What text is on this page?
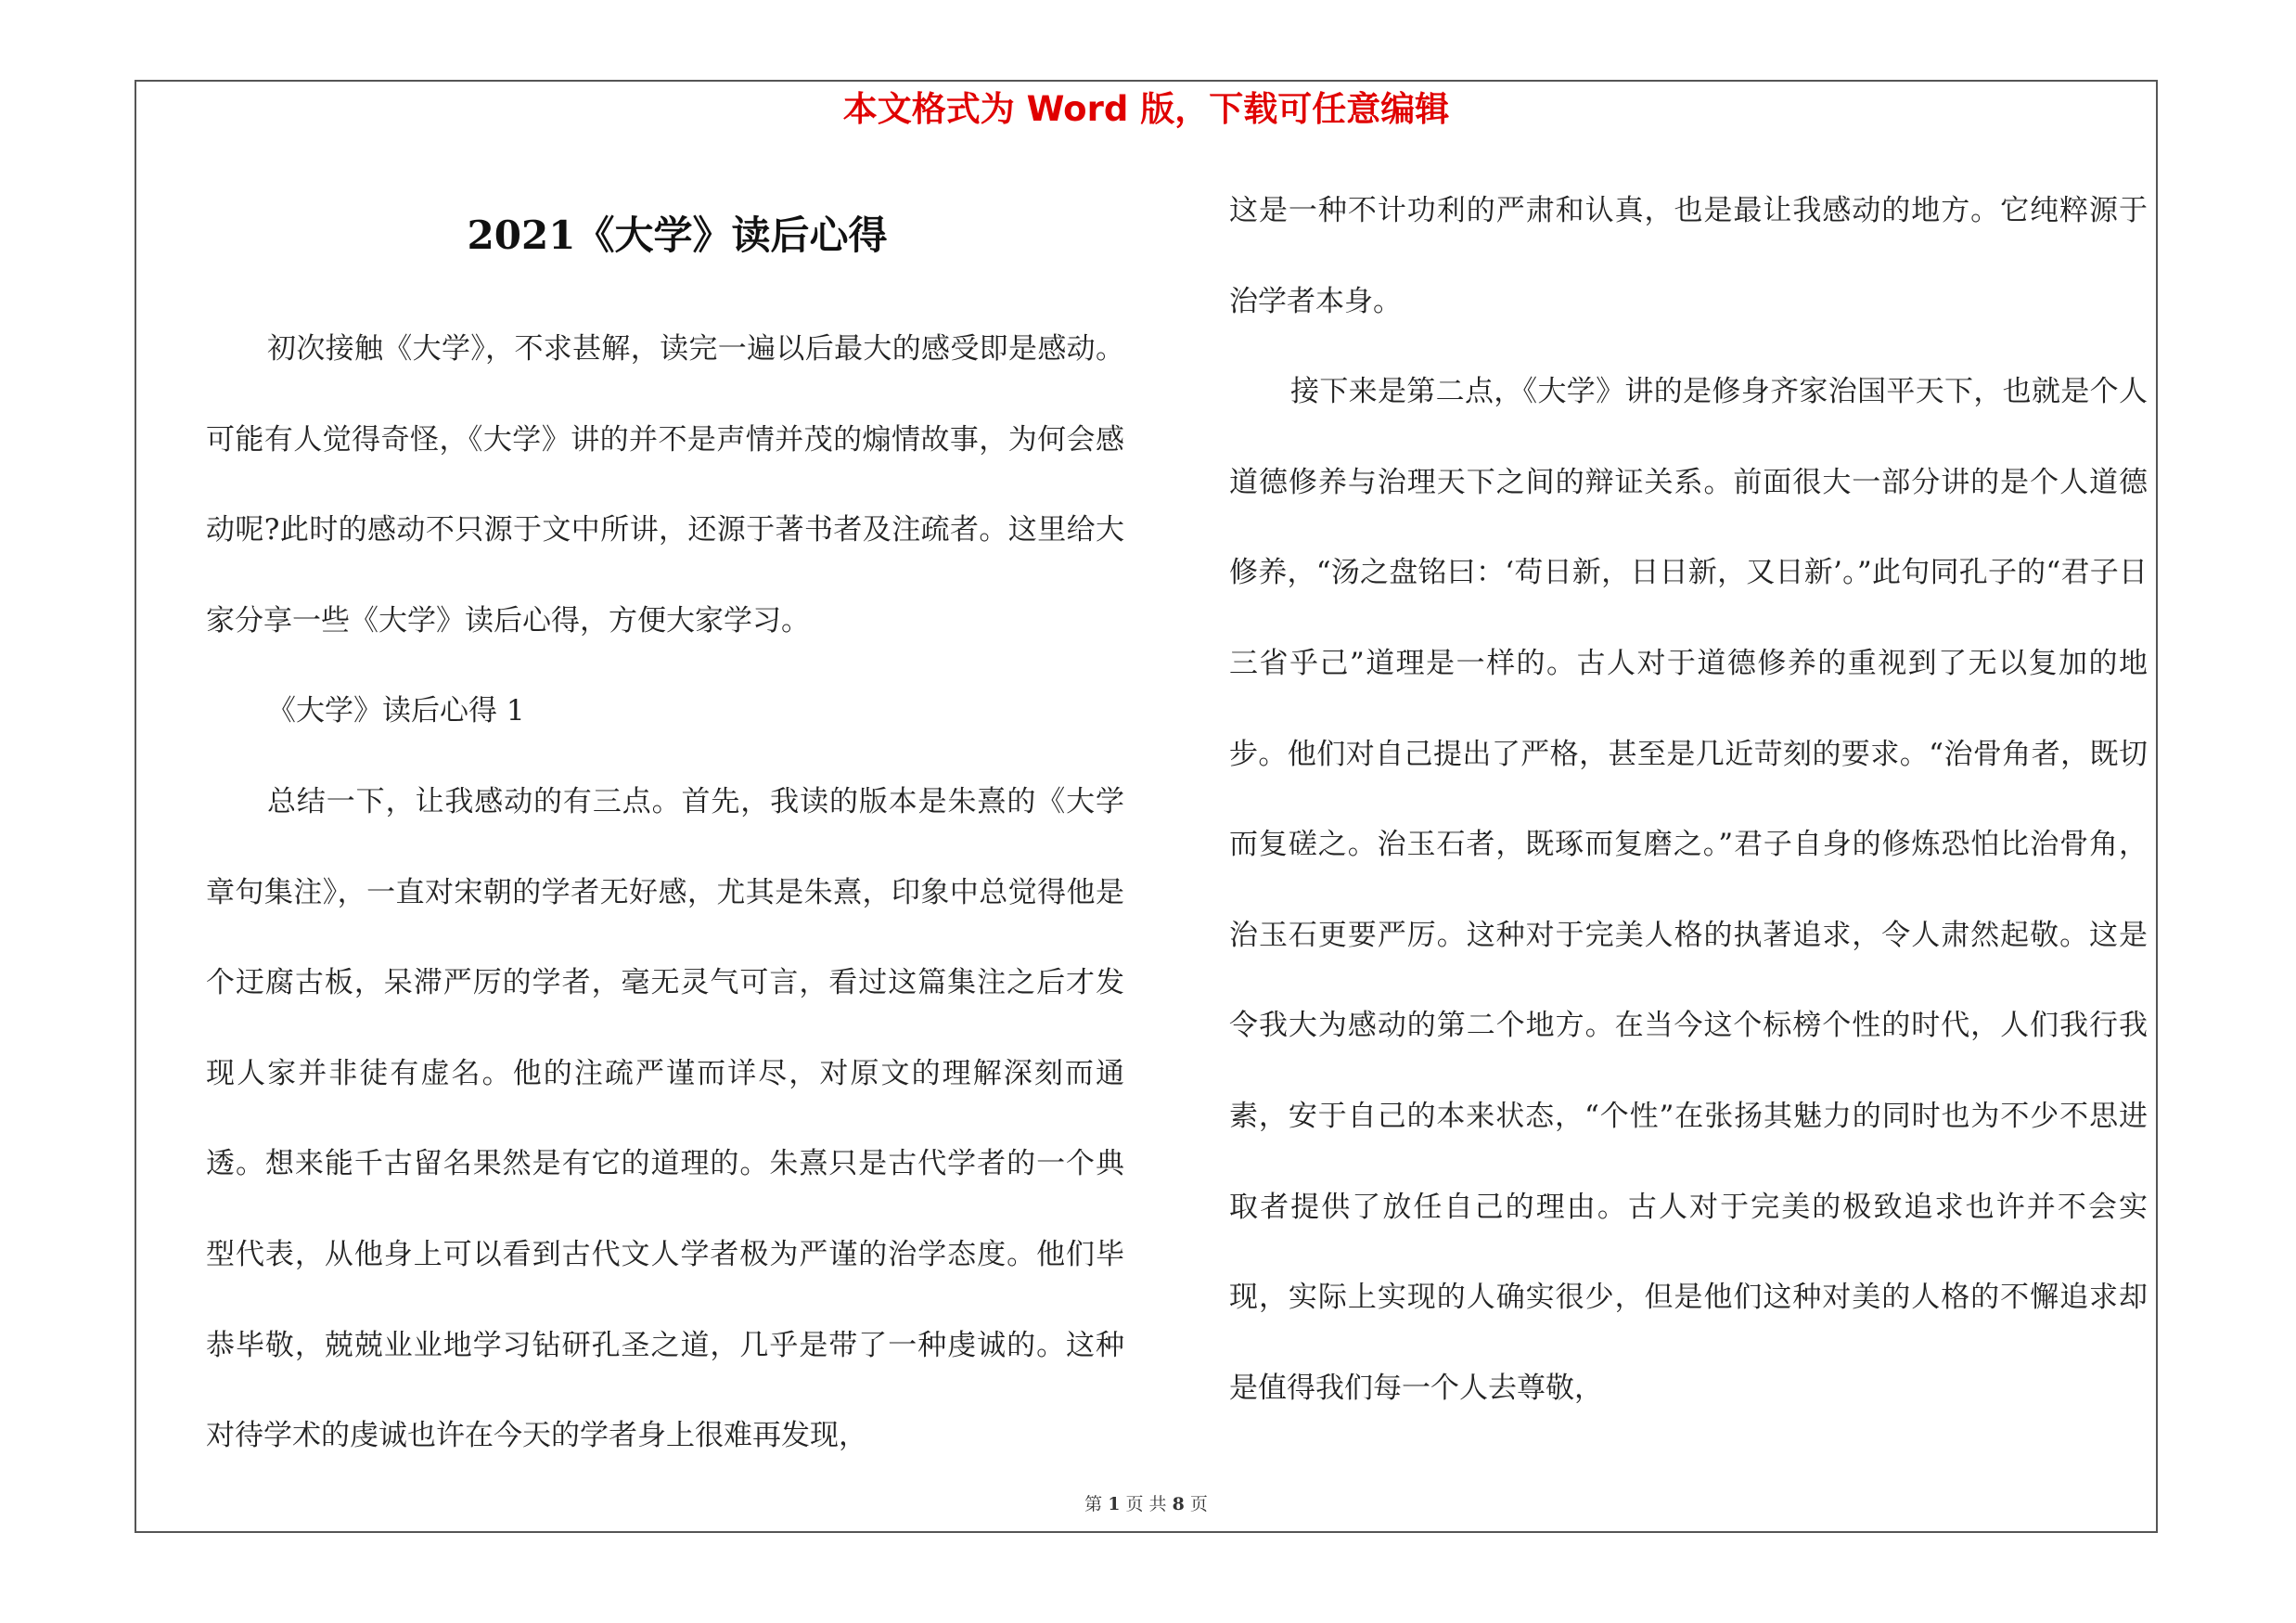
本文格式为 Word 版，下载可任意编辑
2021《大学》读后心得

初次接触《大学》，不求甚解，读完一遍以后最大的感受即是感动。可能有人觉得奇怪，《大学》讲的并不是声情并茂的煽情故事，为何会感动呢?此时的感动不只源于文中所讲，还源于著书者及注疏者。这里给大家分享一些《大学》读后心得，方便大家学习。

《大学》读后心得 1

总结一下，让我感动的有三点。首先，我读的版本是朱熹的《大学章句集注》，一直对宋朝的学者无好感，尤其是朱熹，印象中总觉得他是个迂腐古板，呆滞严厉的学者，毫无灵气可言，看过这篇集注之后才发现人家并非徒有虚名。他的注疏严谨而详尽，对原文的理解深刻而通透。想来能千古留名果然是有它的道理的。朱熹只是古代学者的一个典型代表，从他身上可以看到古代文人学者极为严谨的治学态度。他们毕恭毕敬，兢兢业业地学习钻研孔圣之道，几乎是带了一种虔诚的。这种对待学术的虔诚也许在今天的学者身上很难再发现，

这是一种不计功利的严肃和认真，也是最让我感动的地方。它纯粹源于治学者本身。

接下来是第二点，《大学》讲的是修身齐家治国平天下，也就是个人道德修养与治理天下之间的辩证关系。前面很大一部分讲的是个人道德修养，“汤之盘铭曰：‘苟日新，日日新，又日新’。”此句同孔子的“君子日三省乎己”道理是一样的。古人对于道德修养的重视到了无以复加的地步。他们对自己提出了严格，甚至是几近苛刻的要求。“治骨角者，既切而复磋之。治玉石者，既琢而复磨之。”君子自身的修炼恐怕比治骨角，治玉石更要严厉。这种对于完美人格的执著追求，令人肃然起敬。这是令我大为感动的第二个地方。在当今这个标榜个性的时代，人们我行我素，安于自己的本来状态，“个性”在张扬其魅力的同时也为不少不思进取者提供了放任自己的理由。古人对于完美的极致追求也许并不会实现，实际上实现的人确实很少，但是他们这种对美的人格的不懈追求却是值得我们每一个人去尊敬，

第 1 页 共 8 页
